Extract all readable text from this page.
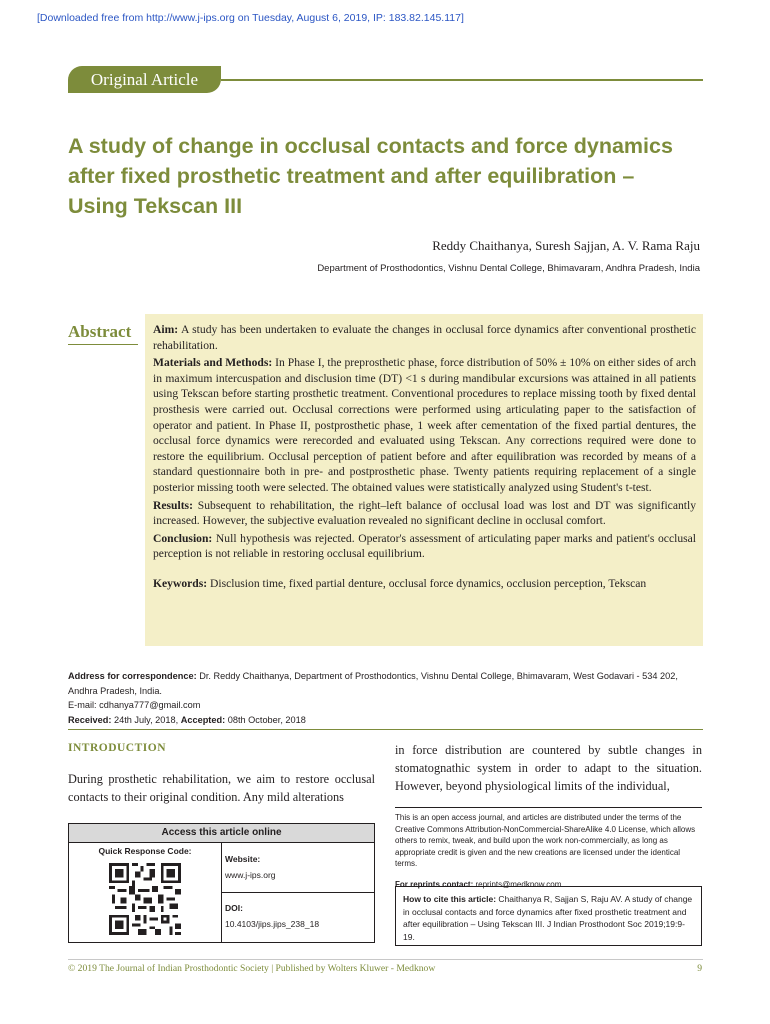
[Downloaded free from http://www.j-ips.org on Tuesday, August 6, 2019, IP: 183.82.145.117]
Original Article
A study of change in occlusal contacts and force dynamics after fixed prosthetic treatment and after equilibration – Using Tekscan III
Reddy Chaithanya, Suresh Sajjan, A. V. Rama Raju
Department of Prosthodontics, Vishnu Dental College, Bhimavaram, Andhra Pradesh, India
Abstract Aim: A study has been undertaken to evaluate the changes in occlusal force dynamics after conventional prosthetic rehabilitation.

Materials and Methods: In Phase I, the preprosthetic phase, force distribution of 50% ± 10% on either sides of arch in maximum intercuspation and disclusion time (DT) <1 s during mandibular excursions was attained in all patients using Tekscan before starting prosthetic treatment. Conventional procedures to replace missing tooth by fixed dental prosthesis were carried out. Occlusal corrections were performed using articulating paper to the satisfaction of operator and patient. In Phase II, postprosthetic phase, 1 week after cementation of the fixed partial dentures, the occlusal force dynamics were rerecorded and evaluated using Tekscan. Any corrections required were done to restore the equilibrium. Occlusal perception of patient before and after equilibration was recorded by means of a standard questionnaire both in pre- and postprosthetic phase. Twenty patients requiring replacement of a single posterior missing tooth were selected. The obtained values were statistically analyzed using Student's t-test.

Results: Subsequent to rehabilitation, the right–left balance of occlusal load was lost and DT was significantly increased. However, the subjective evaluation revealed no significant decline in occlusal comfort.

Conclusion: Null hypothesis was rejected. Operator's assessment of articulating paper marks and patient's occlusal perception is not reliable in restoring occlusal equilibrium.

Keywords: Disclusion time, fixed partial denture, occlusal force dynamics, occlusion perception, Tekscan

Address for correspondence: Dr. Reddy Chaithanya, Department of Prosthodontics, Vishnu Dental College, Bhimavaram, West Godavari - 534 202, Andhra Pradesh, India.
E-mail: cdhanya777@gmail.com
Received: 24th July, 2018, Accepted: 08th October, 2018
INTRODUCTION
During prosthetic rehabilitation, we aim to restore occlusal contacts to their original condition. Any mild alterations
in force distribution are countered by subtle changes in stomatognathic system in order to adapt to the situation. However, beyond physiological limits of the individual,
This is an open access journal, and articles are distributed under the terms of the Creative Commons Attribution-NonCommercial-ShareAlike 4.0 License, which allows others to remix, tweak, and build upon the work non-commercially, as long as appropriate credit is given and the new creations are licensed under the identical terms.
For reprints contact: reprints@medknow.com
Access this article online
Quick Response Code:
Website:
www.j-ips.org
DOI:
10.4103/jips.jips_238_18
How to cite this article: Chaithanya R, Sajjan S, Raju AV. A study of change in occlusal contacts and force dynamics after fixed prosthetic treatment and after equilibration – Using Tekscan III. J Indian Prosthodont Soc 2019;19:9-19.
© 2019 The Journal of Indian Prosthodontic Society | Published by Wolters Kluwer - Medknow	9
